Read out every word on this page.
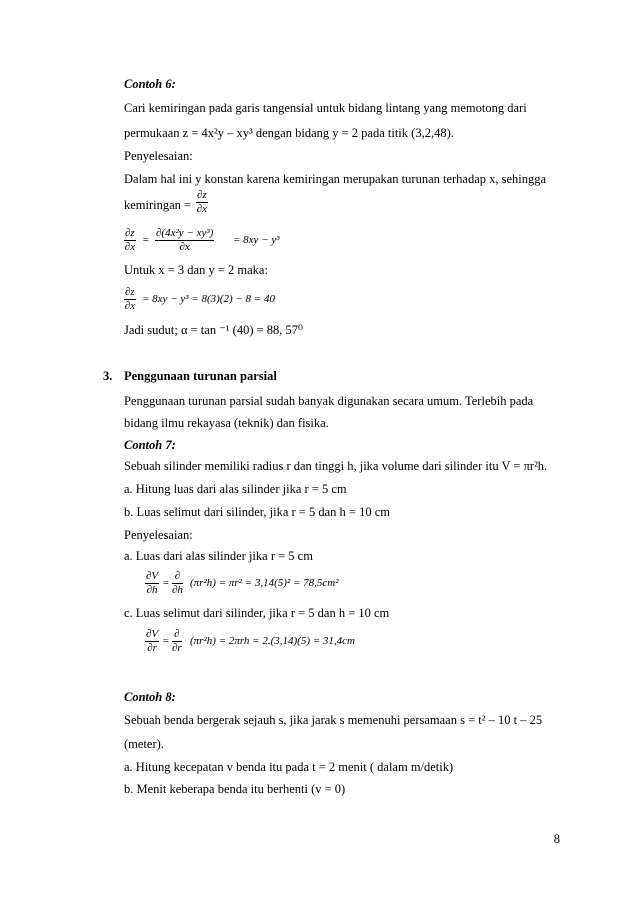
Contoh 6:
Cari kemiringan pada garis tangensial untuk bidang lintang yang memotong dari
permukaan z = 4x²y – xy³ dengan bidang y = 2 pada titik (3,2,48).
Penyelesaian:
Dalam hal ini y konstan karena kemiringan merupakan turunan terhadap x, sehingga
kemiringan = $\frac{\partial z}{\partial x}$
$\frac{\partial z}{\partial x} = \frac{\text{∂(4x²y − xy³)}}{\partial x} = 8xy - y^3$
Untuk x = 3 dan y = 2 maka:
$\frac{\partial z}{\partial x} = 8xy - y^3 = 8(3)(2) - 8 = 40$
Jadi sudut; α = tan ⁻¹ (40) = 88, 57⁰
3. Penggunaan turunan parsial
Penggunaan turunan parsial sudah banyak digunakan secara umum. Terlebih pada
bidang ilmu rekayasa (teknik) dan fisika.
Contoh 7:
Sebuah silinder memiliki radius r dan tinggi h, jika volume dari silinder itu V = πr²h.
a. Hitung luas dari alas silinder jika r = 5 cm
b. Luas selimut dari silinder, jika r = 5 dan h = 10 cm
Penyelesaian:
a. Luas dari alas silinder jika r = 5 cm
$\frac{\partial V}{\partial h}$ =
∂
∂h
(πr²h) = πr² = 3,14(5)² = 78,5cm²
c. Luas selimut dari silinder, jika r = 5 dan h = 10 cm
$\frac{\partial V}{\partial r}$ =
∂
∂r
(πr²h) = 2πrh = 2.(3,14)(5) = 31,4cm
Contoh 8:
Sebuah benda bergerak sejauh s, jika jarak s memenuhi persamaan s = t² – 10 t – 25
(meter).
a. Hitung kecepatan v benda itu pada t = 2 menit ( dalam m/detik)
b. Menit keberapa benda itu berhenti (v = 0)
8
